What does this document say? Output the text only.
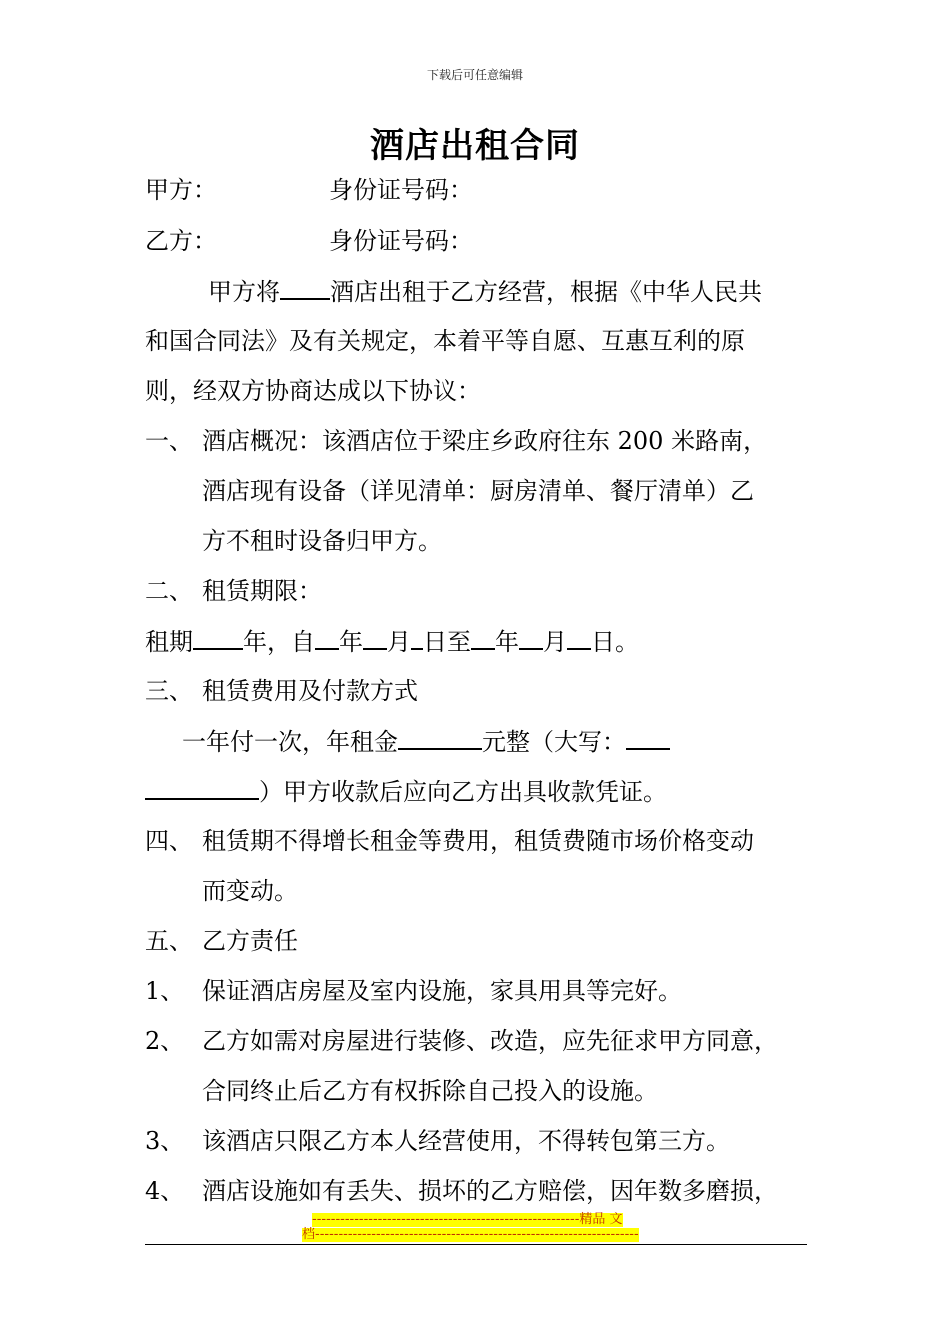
下载后可任意编辑
酒店出租合同
甲方：	身份证号码：
乙方：	身份证号码：
甲方将 酒店出租于乙方经营，根据《中华人民共
和国合同法》及有关规定，本着平等自愿、互惠互利的原
则，经双方协商达成以下协议：
一、 酒店概况：该酒店位于梁庄乡政府往东 200 米路南，
酒店现有设备（详见清单：厨房清单、餐厅清单）乙
方不租时设备归甲方。
二、 租赁期限：
租期 年，自 年 月 日至 年 月 日。
三、 租赁费用及付款方式
一年付一次，年租金	元整（大写：
）甲方收款后应向乙方出具收款凭证。
四、 租赁期不得增长租金等费用，租赁费随市场价格变动
而变动。
五、 乙方责任
1、 保证酒店房屋及室内设施，家具用具等完好。
2、 乙方如需对房屋进行装修、改造，应先征求甲方同意，
合同终止后乙方有权拆除自己投入的设施。
3、 该酒店只限乙方本人经营使用，不得转包第三方。
4、 酒店设施如有丢失、损坏的乙方赔偿，因年数多磨损，
---------------------------------------------------------精品 文
档---------------------------------------------------------------------
